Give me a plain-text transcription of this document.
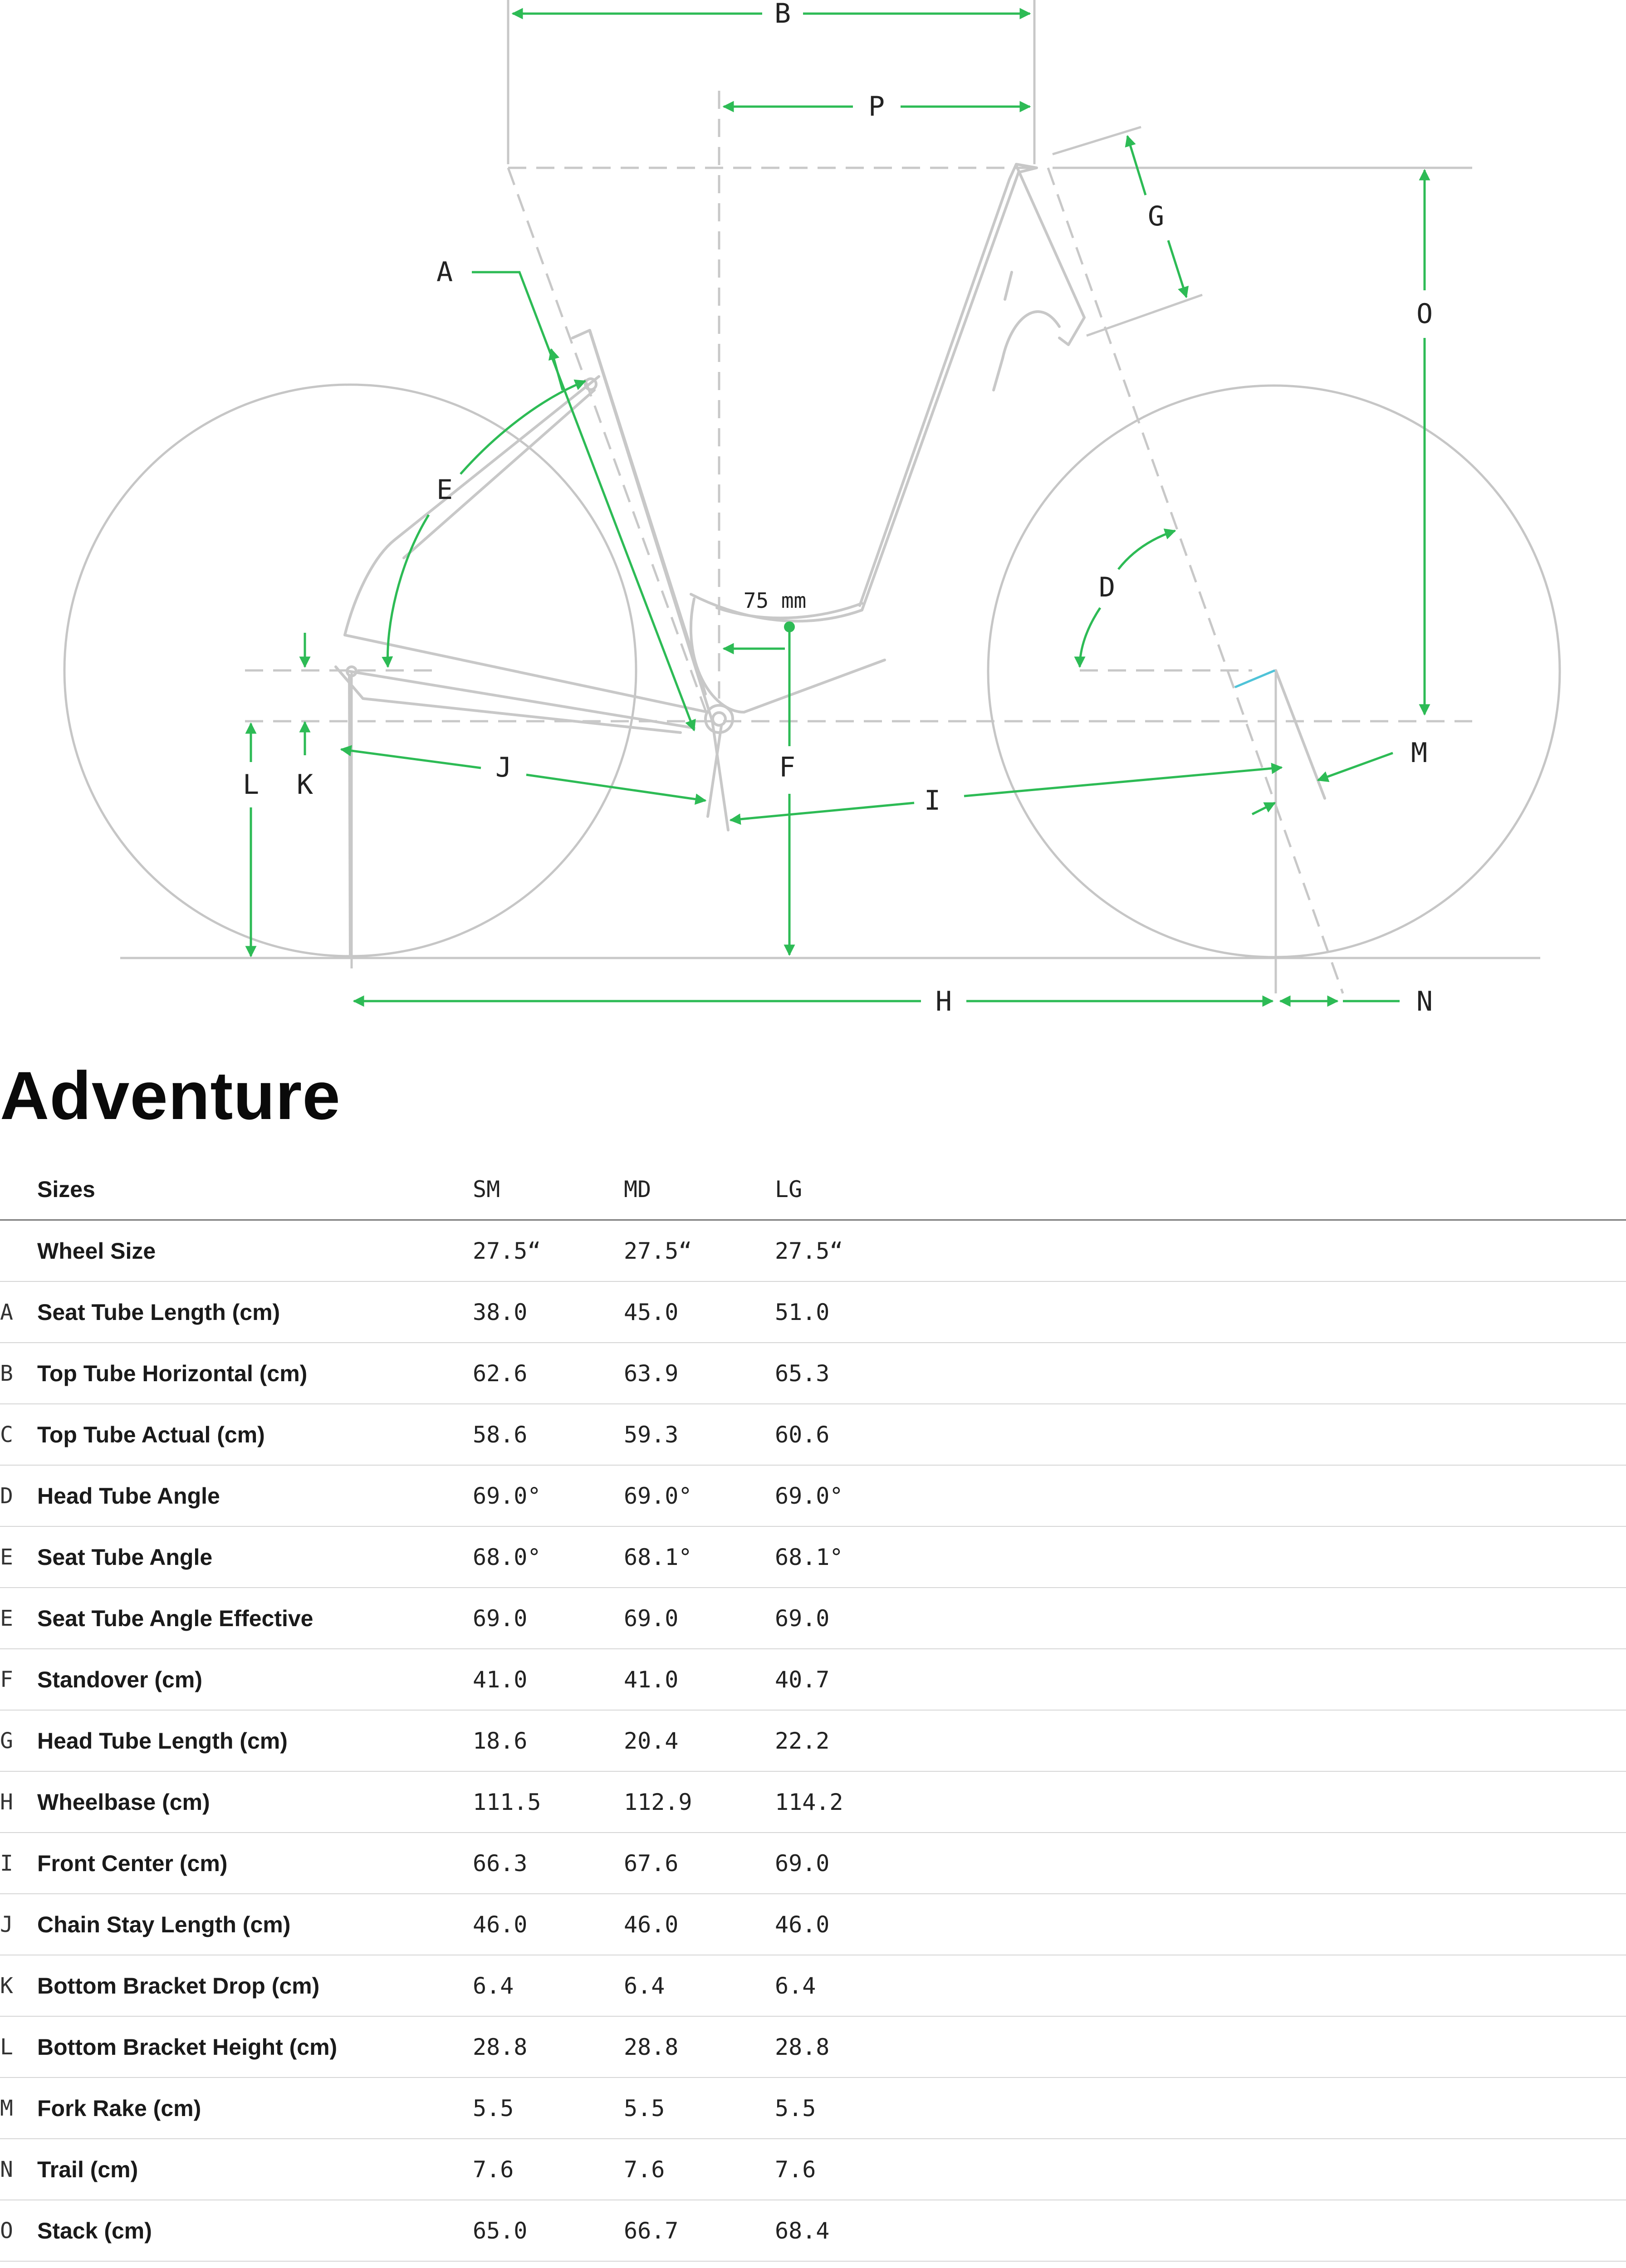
B
P
G
O
A
E
D
F
75 mm
J
I
M
K
L
H	N
Adventure
	Sizes	SM	MD	LG	
	Wheel Size	27.5“	27.5“	27.5“	
A	Seat Tube Length (cm)	38.0	45.0	51.0	
B	Top Tube Horizontal (cm)	62.6	63.9	65.3	
C	Top Tube Actual (cm)	58.6	59.3	60.6	
D	Head Tube Angle	69.0°	69.0°	69.0°	
E	Seat Tube Angle	68.0°	68.1°	68.1°	
E	Seat Tube Angle Effective	69.0	69.0	69.0	
F	Standover (cm)	41.0	41.0	40.7	
G	Head Tube Length (cm)	18.6	20.4	22.2	
H	Wheelbase (cm)	111.5	112.9	114.2	
I	Front Center (cm)	66.3	67.6	69.0	
J	Chain Stay Length (cm)	46.0	46.0	46.0	
K	Bottom Bracket Drop (cm)	6.4	6.4	6.4	
L	Bottom Bracket Height (cm)	28.8	28.8	28.8	
M	Fork Rake (cm)	5.5	5.5	5.5	
N	Trail (cm)	7.6	7.6	7.6	
O	Stack (cm)	65.0	66.7	68.4	
